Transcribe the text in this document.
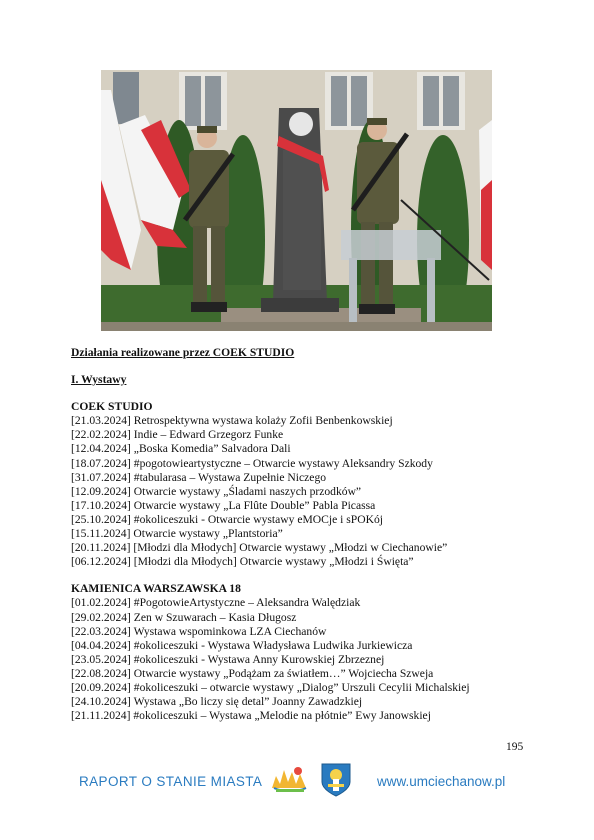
Działania realizowane przez COEK STUDIO
I. Wystawy
COEK STUDIO
[21.03.2024] Retrospektywna wystawa kolaży Zofii Benbenkowskiej
[22.02.2024] Indie – Edward Grzegorz Funke
[12.04.2024] „Boska Komedia” Salvadora Dali
[18.07.2024] #pogotowieartystyczne – Otwarcie wystawy Aleksandry Szkody
[31.07.2024] #tabularasa – Wystawa Zupełnie Niczego
[12.09.2024] Otwarcie wystawy „Śladami naszych przodków”
[17.10.2024] Otwarcie wystawy „La Flûte Double” Pabla Picassa
[25.10.2024] #okoliceszuki - Otwarcie wystawy eMOCje i sPOKój
[15.11.2024] Otwarcie wystawy „Plantstoria”
[20.11.2024] [Młodzi dla Młodych] Otwarcie wystawy „Młodzi w Ciechanowie”
[06.12.2024] [Młodzi dla Młodych] Otwarcie wystawy „Młodzi i Święta”
KAMIENICA WARSZAWSKA 18
[01.02.2024] #PogotowieArtystyczne – Aleksandra Walędziak
[29.02.2024] Zen w Szuwarach – Kasia Długosz
[22.03.2024] Wystawa wspominkowa LZA Ciechanów
[04.04.2024] #okoliceszuki - Wystawa Władysława Ludwika Jurkiewicza
[23.05.2024] #okoliceszuki - Wystawa Anny Kurowskiej Zbrzeznej
[22.08.2024] Otwarcie wystawy „Podążam za światłem…” Wojciecha Szweja
[20.09.2024] #okoliceszuki – otwarcie wystawy „Dialog” Urszuli Cecylii Michalskiej
[24.10.2024] Wystawa „Bo liczy się detal” Joanny Zawadzkiej
[21.11.2024] #okoliceszuki – Wystawa „Melodie na płótnie” Ewy Janowskiej
195
RAPORT O STANIE MIASTA	www.umciechanow.pl
